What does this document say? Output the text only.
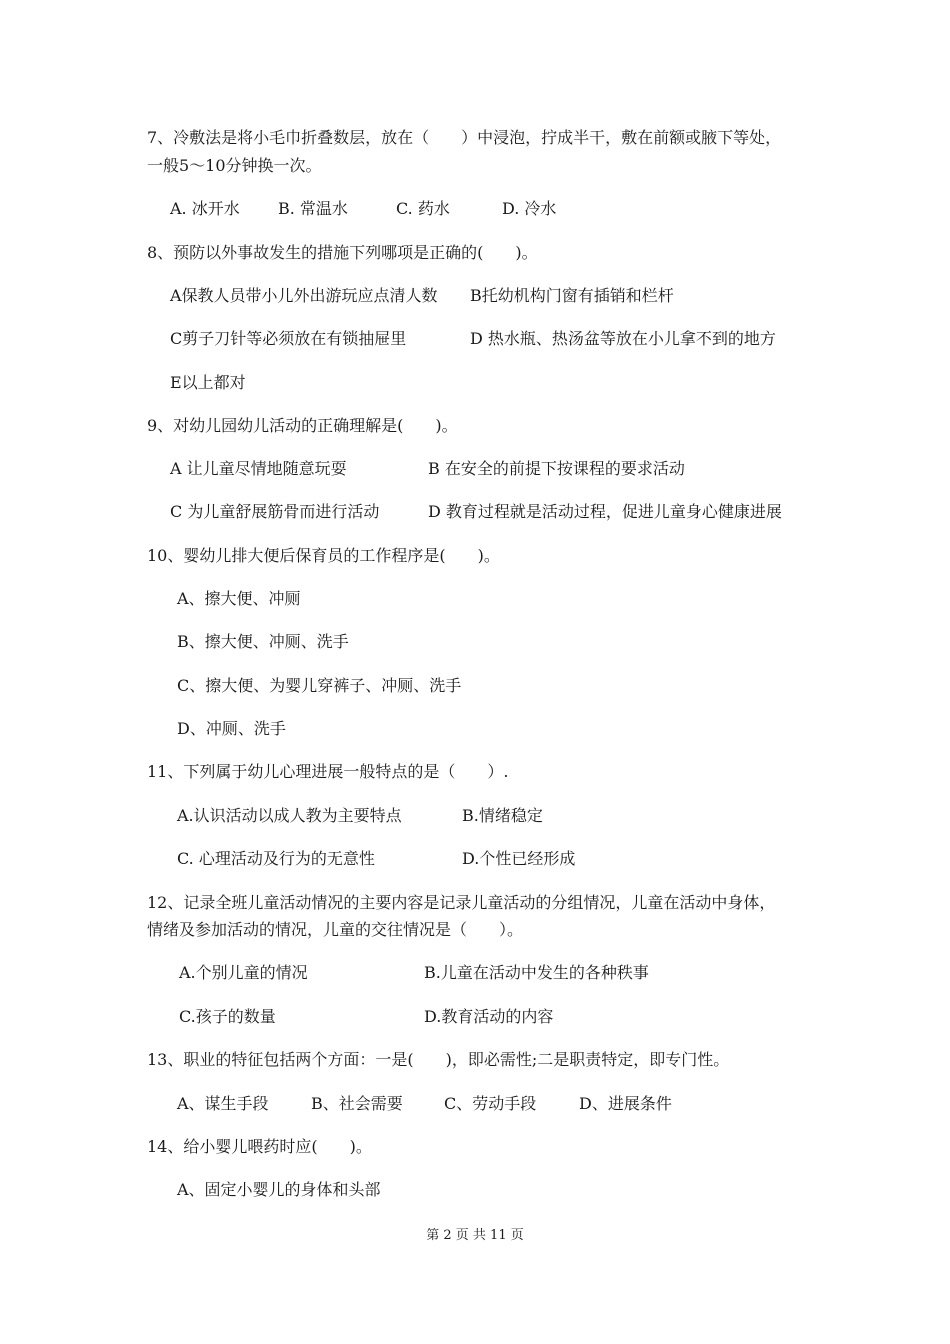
7、冷敷法是将小毛巾折叠数层，放在（　　）中浸泡，拧成半干，敷在前额或腋下等处，
一般5～10分钟换一次。
A. 冰开水 B. 常温水	C. 药水	D. 冷水
8、预防以外事故发生的措施下列哪项是正确的(　　)。
A保教人员带小儿外出游玩应点清人数 B托幼机构门窗有插销和栏杆
C剪子刀针等必须放在有锁抽屉里	D 热水瓶、热汤盆等放在小儿拿不到的地方
E以上都对
9、对幼儿园幼儿活动的正确理解是(　　)。
A 让儿童尽情地随意玩耍	B 在安全的前提下按课程的要求活动
C 为儿童舒展筋骨而进行活动	D 教育过程就是活动过程，促进儿童身心健康进展
10、婴幼儿排大便后保育员的工作程序是(　　)。
A、擦大便、冲厕
B、擦大便、冲厕、洗手
C、擦大便、为婴儿穿裤子、冲厕、洗手
D、冲厕、洗手
11、下列属于幼儿心理进展一般特点的是（　　）.
A.认识活动以成人教为主要特点	B.情绪稳定
C. 心理活动及行为的无意性	D.个性已经形成
12、记录全班儿童活动情况的主要内容是记录儿童活动的分组情况，儿童在活动中身体，
情绪及参加活动的情况，儿童的交往情况是（　　）。
A.个别儿童的情况	B.儿童在活动中发生的各种秩事
C.孩子的数量	D.教育活动的内容
13、职业的特征包括两个方面：一是(　　)，即必需性;二是职责特定，即专门性。
A、谋生手段	B、社会需要	C、劳动手段	D、进展条件
14、给小婴儿喂药时应(　　)。
A、固定小婴儿的身体和头部
第 2 页 共 11 页
